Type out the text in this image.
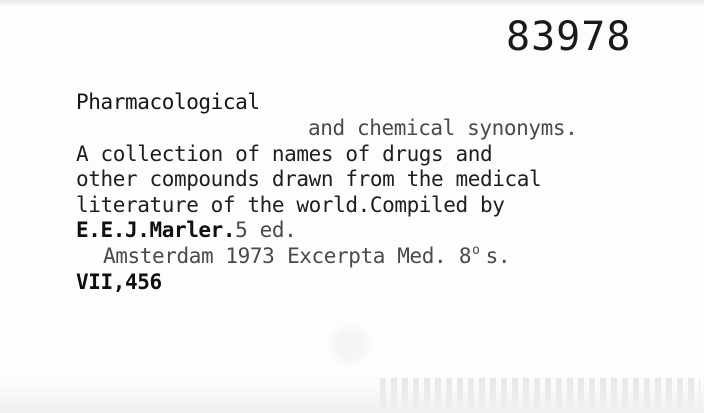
83978
Pharmacological
and chemical synonyms.
A collection of names of drugs and
other compounds drawn from the medical
literature of the world.Compiled by
E.E.J.Marler.5 ed.
Amsterdam 1973 Excerpta Med. 8$^o$ s.
VII,456
